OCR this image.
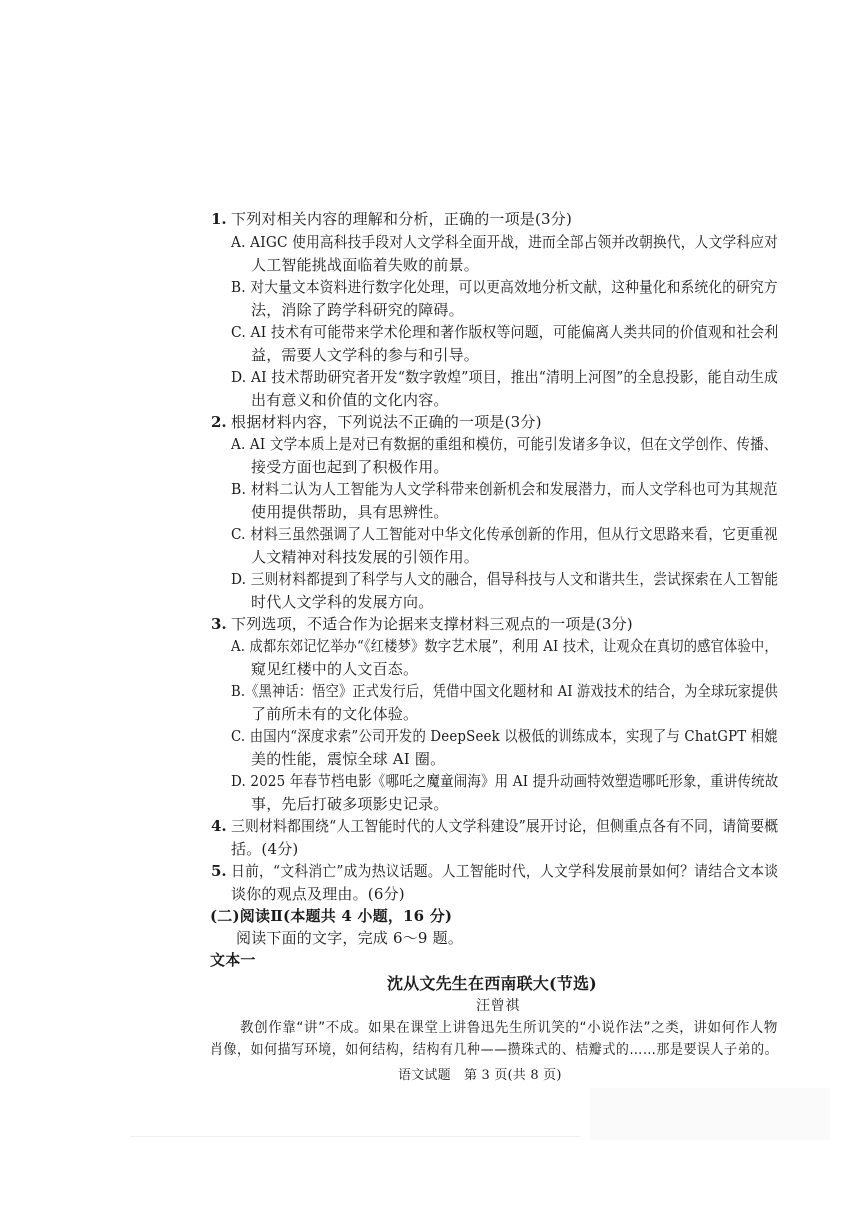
1. 下列对相关内容的理解和分析，正确的一项是(3分)
A. AIGC 使用高科技手段对人文学科全面开战，进而全部占领并改朝换代，人文学科应对
人工智能挑战面临着失败的前景。
B. 对大量文本资料进行数字化处理，可以更高效地分析文献，这种量化和系统化的研究方
法，消除了跨学科研究的障碍。
C. AI 技术有可能带来学术伦理和著作版权等问题，可能偏离人类共同的价值观和社会利
益，需要人文学科的参与和引导。
D. AI 技术帮助研究者开发“数字敦煌”项目，推出“清明上河图”的全息投影，能自动生成
出有意义和价值的文化内容。
2. 根据材料内容，下列说法不正确的一项是(3分)
A. AI 文学本质上是对已有数据的重组和模仿，可能引发诸多争议，但在文学创作、传播、
接受方面也起到了积极作用。
B. 材料二认为人工智能为人文学科带来创新机会和发展潜力，而人文学科也可为其规范
使用提供帮助，具有思辨性。
C. 材料三虽然强调了人工智能对中华文化传承创新的作用，但从行文思路来看，它更重视
人文精神对科技发展的引领作用。
D. 三则材料都提到了科学与人文的融合，倡导科技与人文和谐共生，尝试探索在人工智能
时代人文学科的发展方向。
3. 下列选项，不适合作为论据来支撑材料三观点的一项是(3分)
A. 成都东郊记忆举办“《红楼梦》数字艺术展”，利用 AI 技术，让观众在真切的感官体验中，
窥见红楼中的人文百态。
B.《黑神话：悟空》正式发行后，凭借中国文化题材和 AI 游戏技术的结合，为全球玩家提供
了前所未有的文化体验。
C. 由国内“深度求索”公司开发的 DeepSeek 以极低的训练成本，实现了与 ChatGPT 相媲
美的性能，震惊全球 AI 圈。
D. 2025 年春节档电影《哪吒之魔童闹海》用 AI 提升动画特效塑造哪吒形象，重讲传统故
事，先后打破多项影史记录。
4. 三则材料都围绕“人工智能时代的人文学科建设”展开讨论，但侧重点各有不同，请简要概
括。(4分)
5. 日前，“文科消亡”成为热议话题。人工智能时代，人文学科发展前景如何？请结合文本谈
谈你的观点及理由。(6分)
(二)阅读Ⅱ(本题共 4 小题，16 分)
阅读下面的文字，完成 6～9 题。
文本一
沈从文先生在西南联大(节选)
汪曾祺
教创作靠“讲”不成。如果在课堂上讲鲁迅先生所讥笑的“小说作法”之类，讲如何作人物
肖像，如何描写环境，如何结构，结构有几种——攒珠式的、桔瓣式的……那是要误人子弟的。
语文试题　第 3 页(共 8 页)
